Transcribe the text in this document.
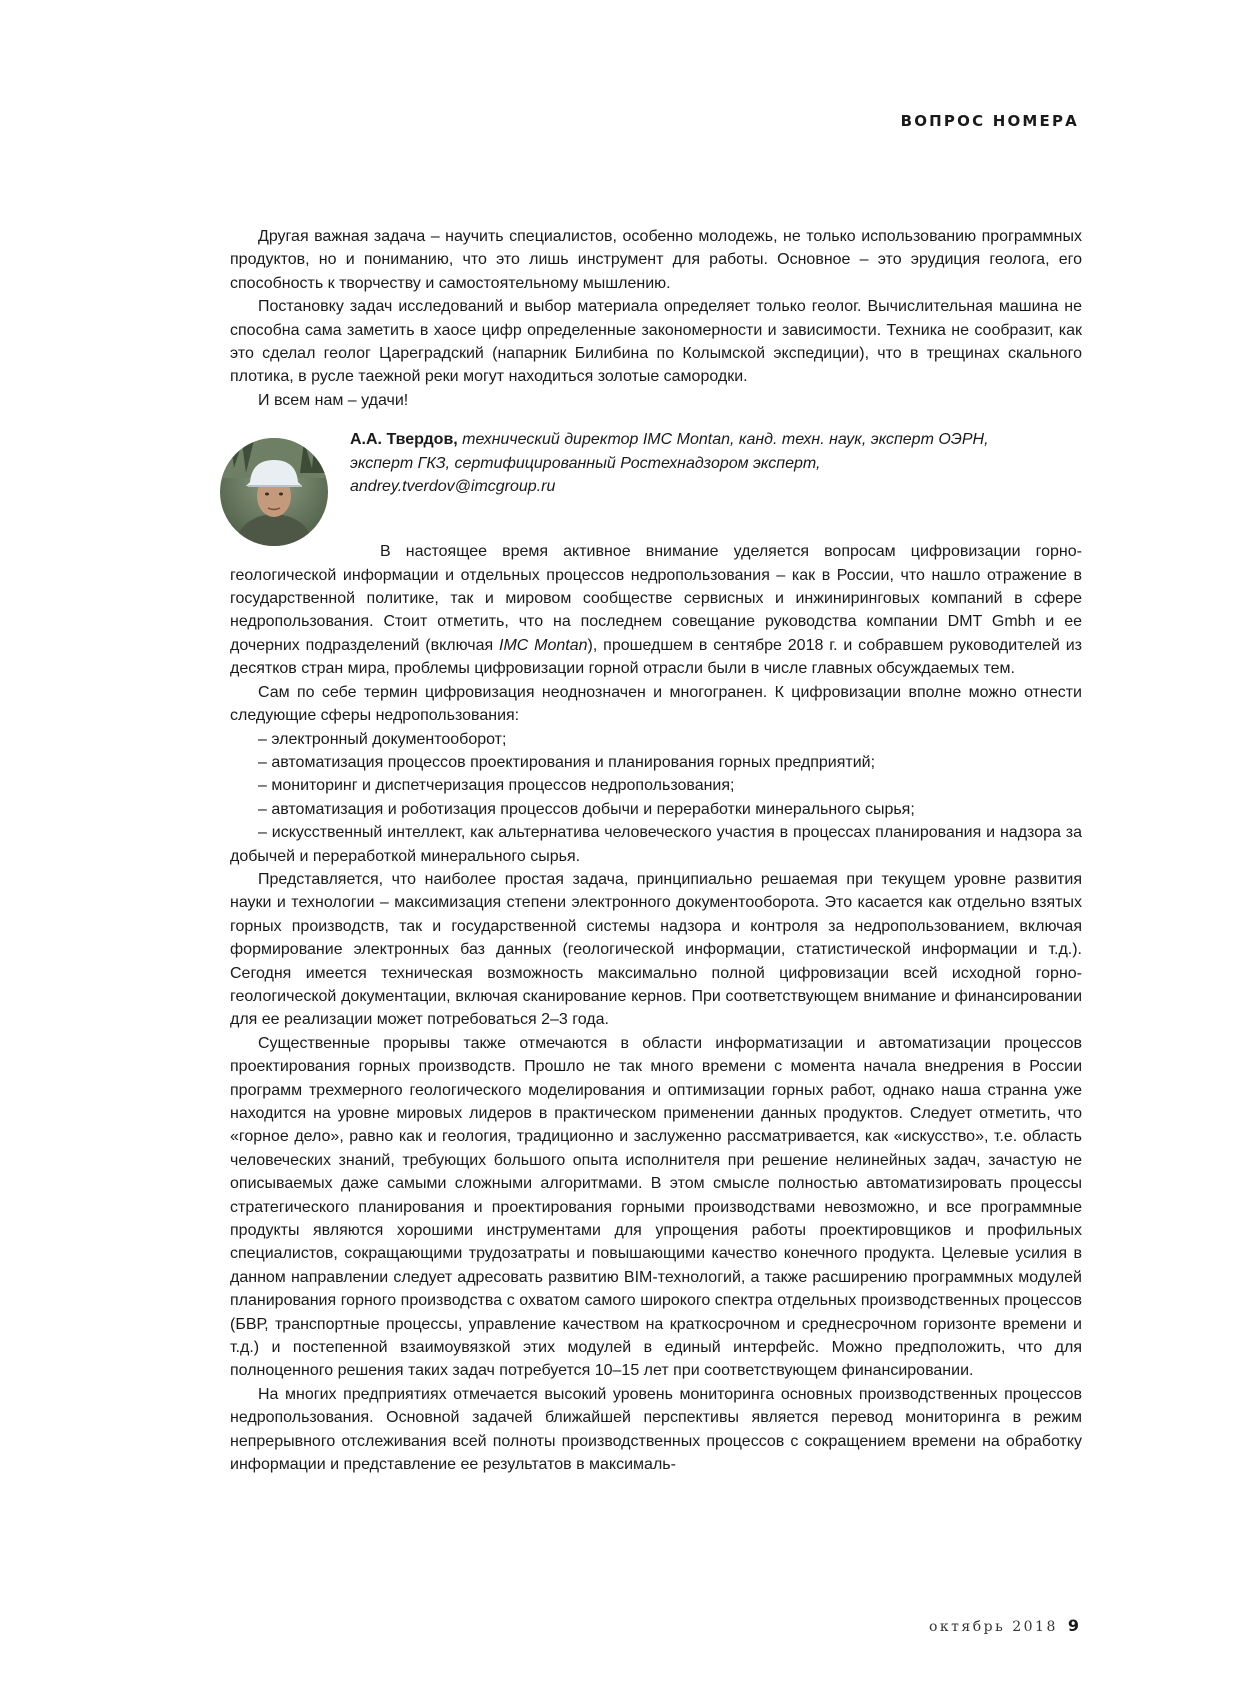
ВОПРОС НОМЕРА

Другая важная задача – научить специалистов, особенно молодежь, не только использованию программных продуктов, но и пониманию, что это лишь инструмент для работы. Основное – это эрудиция геолога, его способность к творчеству и самостоятельному мышлению.

Постановку задач исследований и выбор материала определяет только геолог. Вычислительная машина не способна сама заметить в хаосе цифр определенные закономерности и зависимости. Техника не сообразит, как это сделал геолог Цареградский (напарник Билибина по Колымской экспедиции), что в трещинах скального плотика, в русле таежной реки могут находиться золотые самородки.

И всем нам – удачи!

А.А. Твердов, технический директор IMC Montan, канд. техн. наук, эксперт ОЭРН,
эксперт ГКЗ, сертифицированный Ростехнадзором эксперт,
andrey.tverdov@imcgroup.ru

В настоящее время активное внимание уделяется вопросам цифровизации горно-геологической информации и отдельных процессов недропользования – как в России, что нашло отражение в государственной политике, так и мировом сообществе сервисных и инжиниринговых компаний в сфере недропользования. Стоит отметить, что на последнем совещание руководства компании DMT Gmbh и ее дочерних подразделений (включая IMC Montan), прошедшем в сентябре 2018 г. и собравшем руководителей из десятков стран мира, проблемы цифровизации горной отрасли были в числе главных обсуждаемых тем.

Сам по себе термин цифровизация неоднозначен и многогранен. К цифровизации вполне можно отнести следующие сферы недропользования:

– электронный документооборот;

– автоматизация процессов проектирования и планирования горных предприятий;

– мониторинг и диспетчеризация процессов недропользования;

– автоматизация и роботизация процессов добычи и переработки минерального сырья;

– искусственный интеллект, как альтернатива человеческого участия в процессах планирования и надзора за добычей и переработкой минерального сырья.

Представляется, что наиболее простая задача, принципиально решаемая при текущем уровне развития науки и технологии – максимизация степени электронного документооборота. Это касается как отдельно взятых горных производств, так и государственной системы надзора и контроля за недропользованием, включая формирование электронных баз данных (геологической информации, статистической информации и т.д.). Сегодня имеется техническая возможность максимально полной цифровизации всей исходной горно-геологической документации, включая сканирование кернов. При соответствующем внимание и финансировании для ее реализации может потребоваться 2–3 года.

Существенные прорывы также отмечаются в области информатизации и автоматизации процессов проектирования горных производств. Прошло не так много времени с момента начала внедрения в России программ трехмерного геологического моделирования и оптимизации горных работ, однако наша странна уже находится на уровне мировых лидеров в практическом применении данных продуктов. Следует отметить, что «горное дело», равно как и геология, традиционно и заслуженно рассматривается, как «искусство», т.е. область человеческих знаний, требующих большого опыта исполнителя при решение нелинейных задач, зачастую не описываемых даже самыми сложными алгоритмами. В этом смысле полностью автоматизировать процессы стратегического планирования и проектирования горными производствами невозможно, и все программные продукты являются хорошими инструментами для упрощения работы проектировщиков и профильных специалистов, сокращающими трудозатраты и повышающими качество конечного продукта. Целевые усилия в данном направлении следует адресовать развитию BIM-технологий, а также расширению программных модулей планирования горного производства с охватом самого широкого спектра отдельных производственных процессов (БВР, транспортные процессы, управление качеством на краткосрочном и среднесрочном горизонте времени и т.д.) и постепенной взаимоувязкой этих модулей в единый интерфейс. Можно предположить, что для полноценного решения таких задач потребуется 10–15 лет при соответствующем финансировании.

На многих предприятиях отмечается высокий уровень мониторинга основных производственных процессов недропользования. Основной задачей ближайшей перспективы является перевод мониторинга в режим непрерывного отслеживания всей полноты производственных процессов с сокращением времени на обработку информации и представление ее результатов в максималь-

октябрь 2018 9
